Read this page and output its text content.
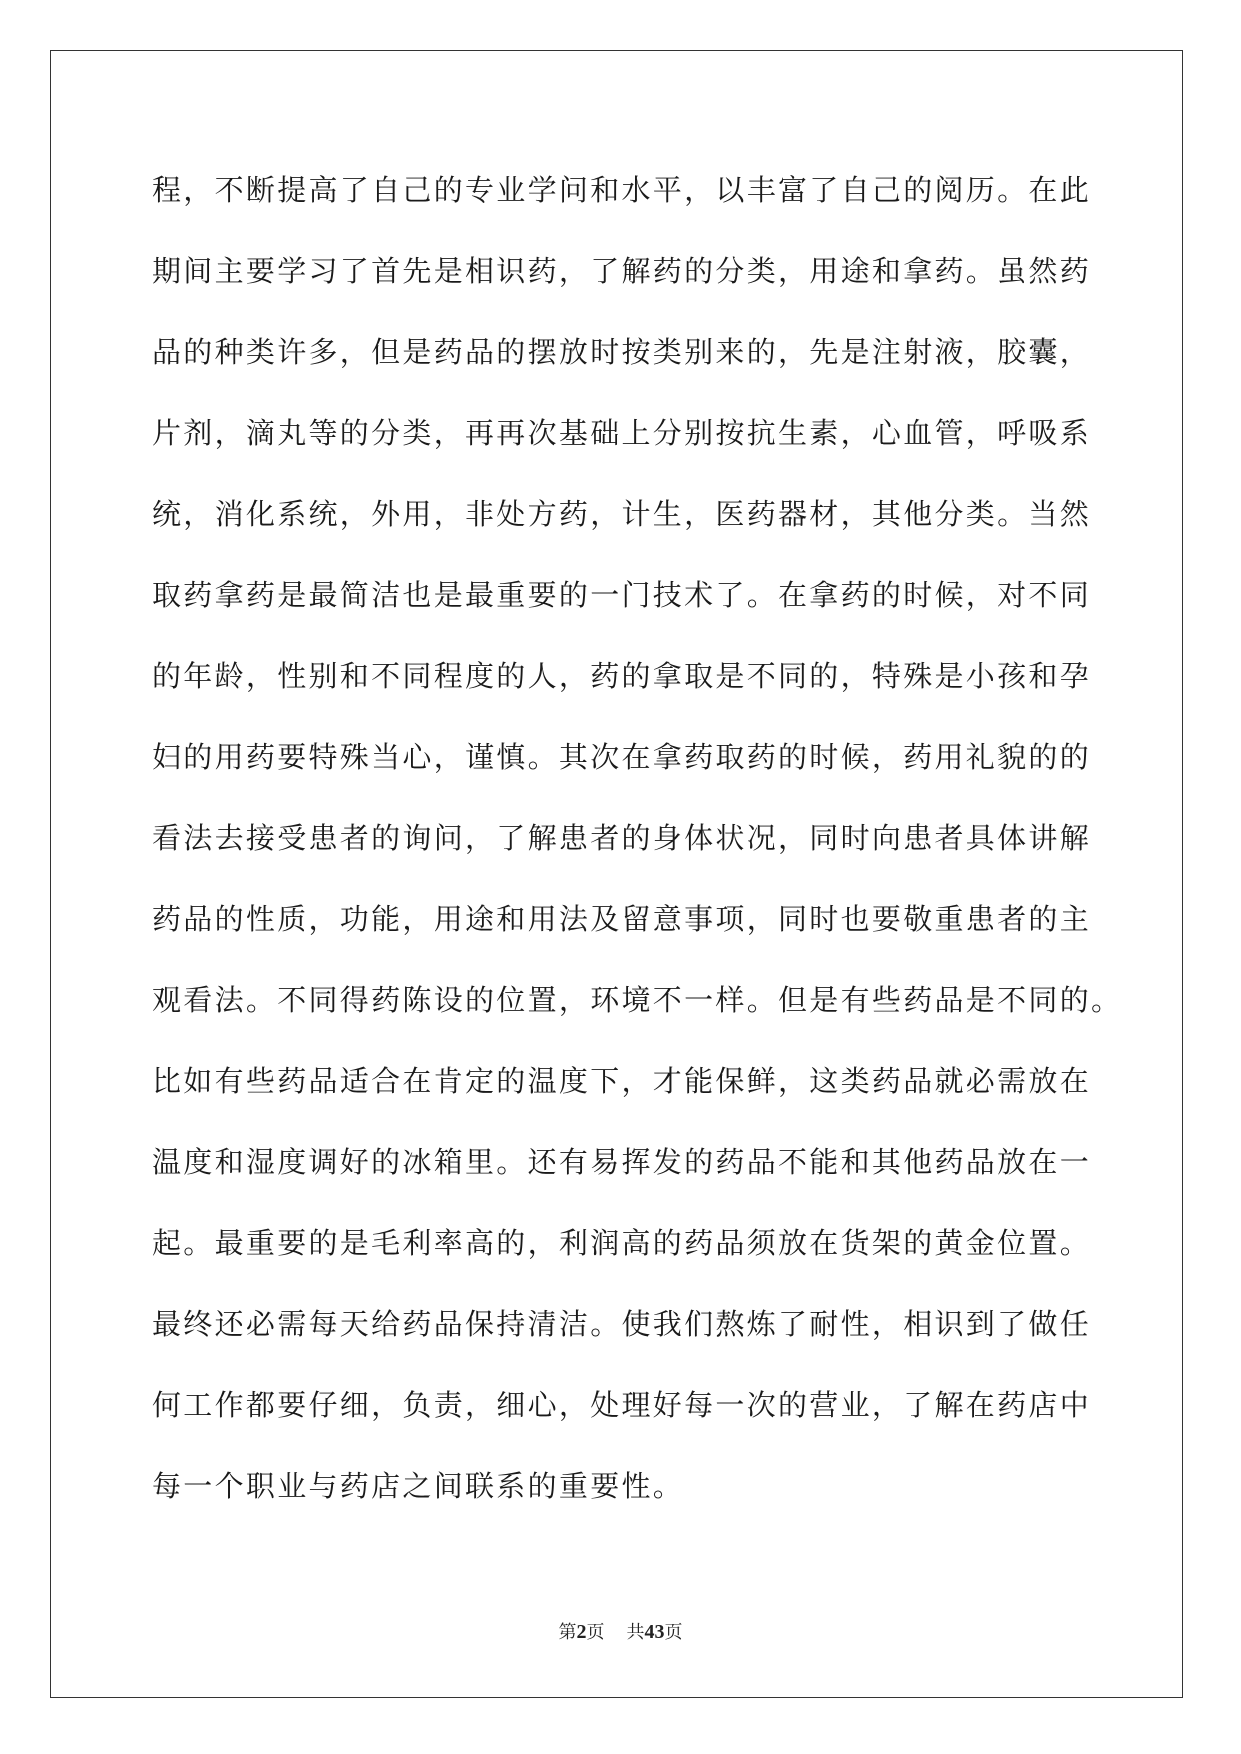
程，不断提高了自己的专业学问和水平，以丰富了自己的阅历。在此
期间主要学习了首先是相识药，了解药的分类，用途和拿药。虽然药
品的种类许多，但是药品的摆放时按类别来的，先是注射液，胶囊，
片剂，滴丸等的分类，再再次基础上分别按抗生素，心血管，呼吸系
统，消化系统，外用，非处方药，计生，医药器材，其他分类。当然
取药拿药是最简洁也是最重要的一门技术了。在拿药的时候，对不同
的年龄，性别和不同程度的人，药的拿取是不同的，特殊是小孩和孕
妇的用药要特殊当心，谨慎。其次在拿药取药的时候，药用礼貌的的
看法去接受患者的询问，了解患者的身体状况，同时向患者具体讲解
药品的性质，功能，用途和用法及留意事项，同时也要敬重患者的主
观看法。不同得药陈设的位置，环境不一样。但是有些药品是不同的。
比如有些药品适合在肯定的温度下，才能保鲜，这类药品就必需放在
温度和湿度调好的冰箱里。还有易挥发的药品不能和其他药品放在一
起。最重要的是毛利率高的，利润高的药品须放在货架的黄金位置。
最终还必需每天给药品保持清洁。使我们熬炼了耐性，相识到了做任
何工作都要仔细，负责，细心，处理好每一次的营业，了解在药店中
每一个职业与药店之间联系的重要性。
第2页 共43页
